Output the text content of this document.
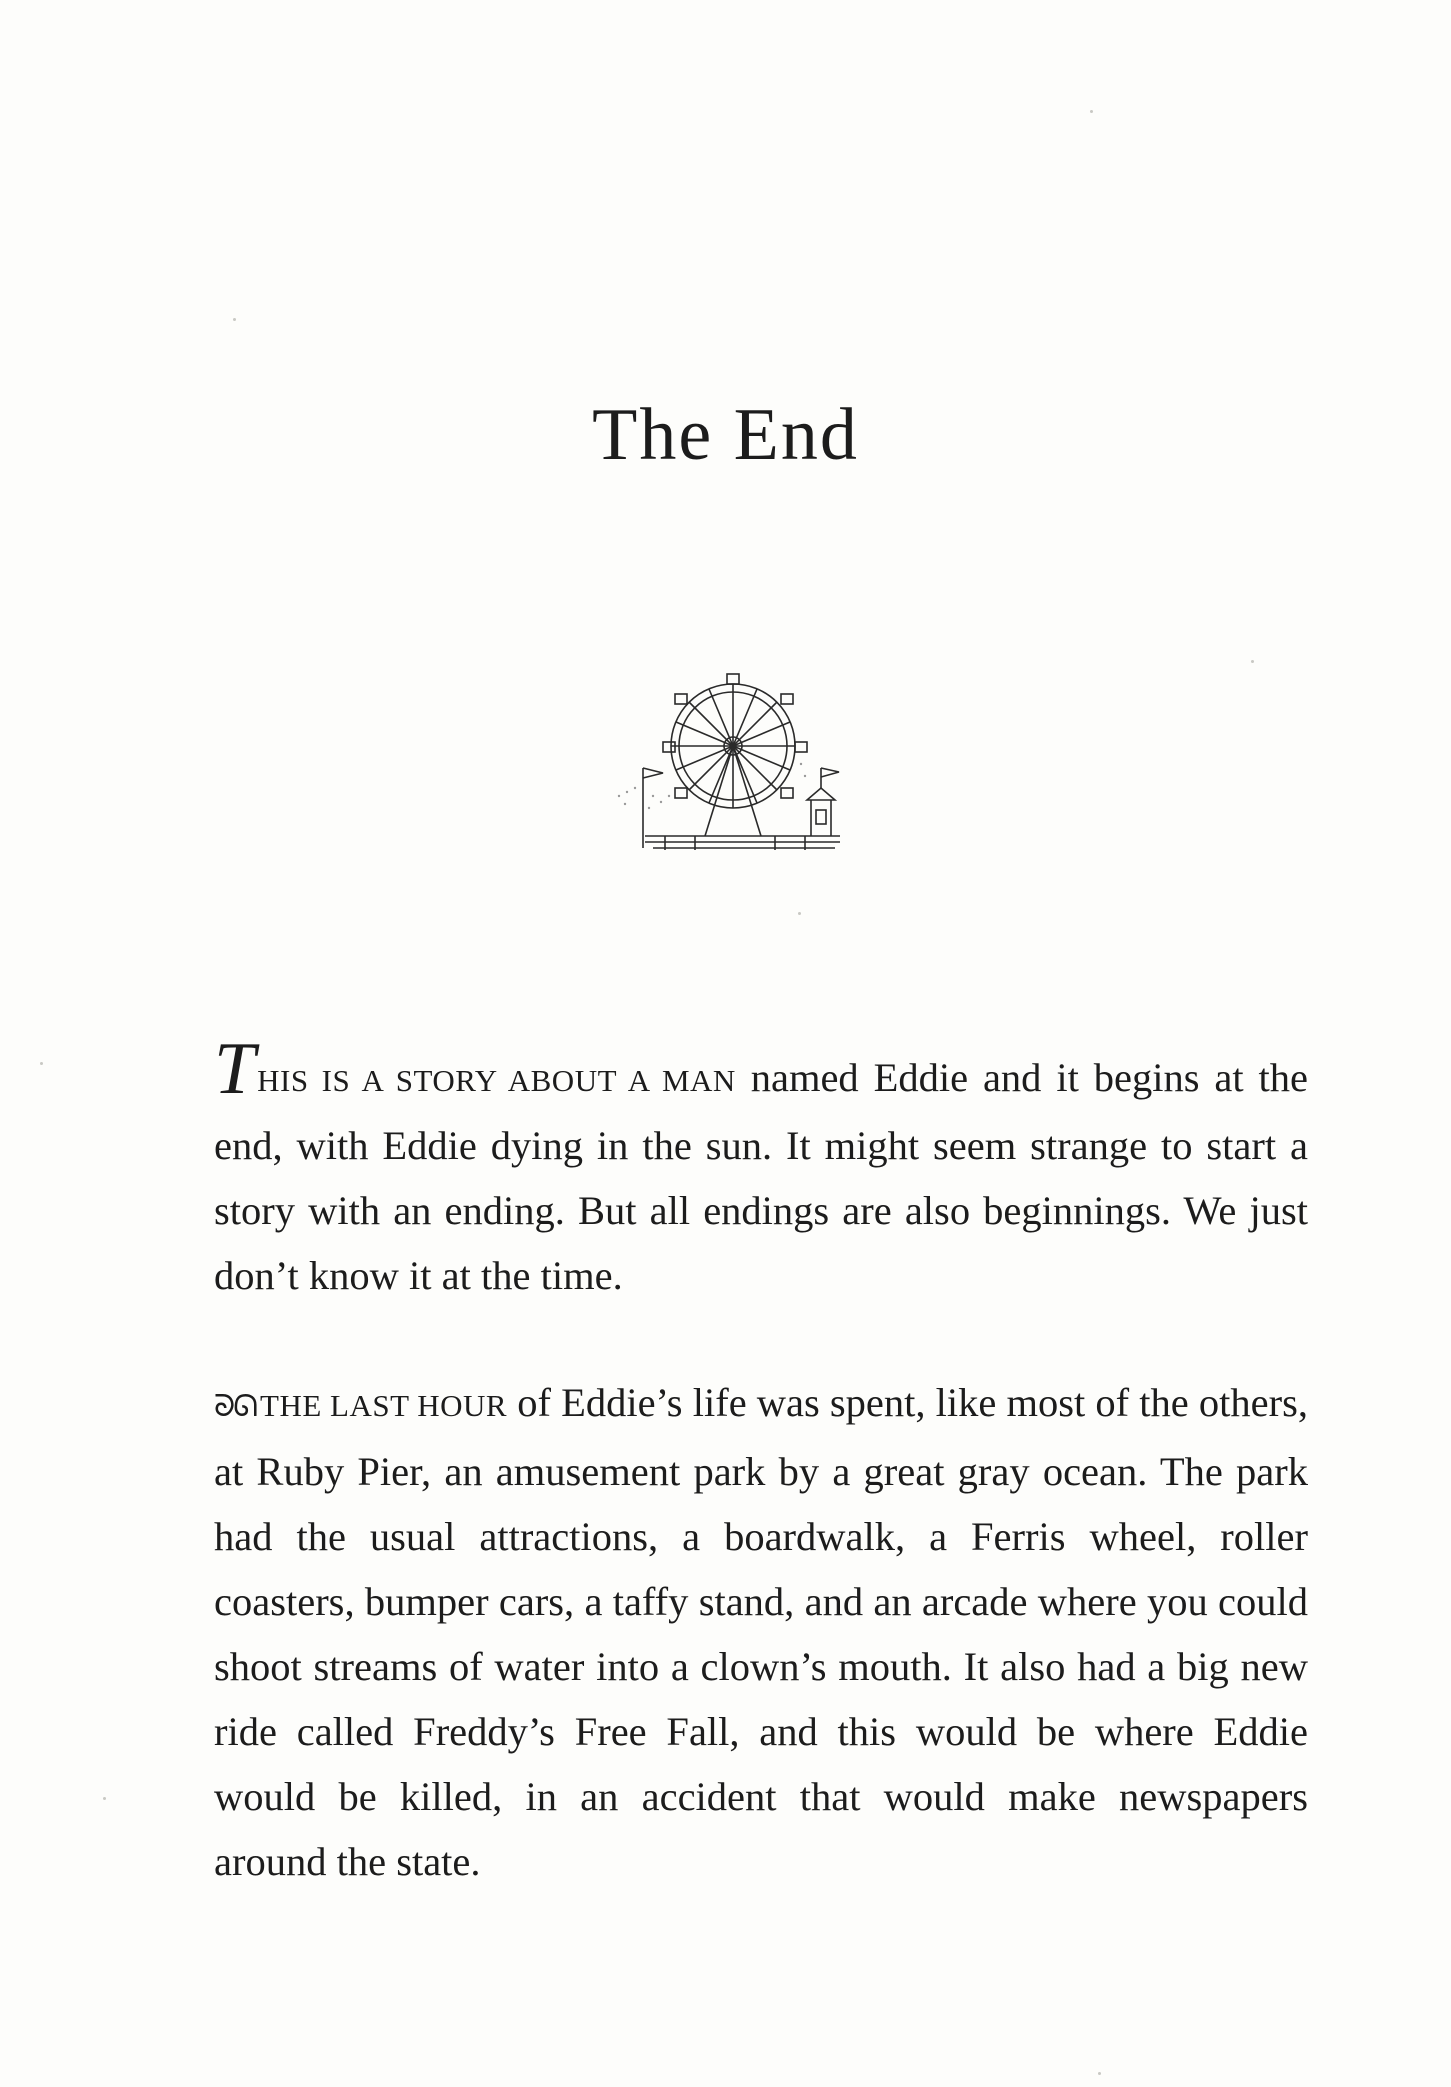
The End

THIS IS A STORY ABOUT A MAN named Eddie and it begins at the end, with Eddie dying in the sun. It might seem strange to start a story with an ending. But all endings are also beginnings. We just don’t know it at the time.

ᘐᘏ THE LAST HOUR of Eddie’s life was spent, like most of the others, at Ruby Pier, an amusement park by a great gray ocean. The park had the usual attractions, a boardwalk, a Ferris wheel, roller coasters, bumper cars, a taffy stand, and an arcade where you could shoot streams of water into a clown’s mouth. It also had a big new ride called Freddy’s Free Fall, and this would be where Eddie would be killed, in an accident that would make newspapers around the state.
